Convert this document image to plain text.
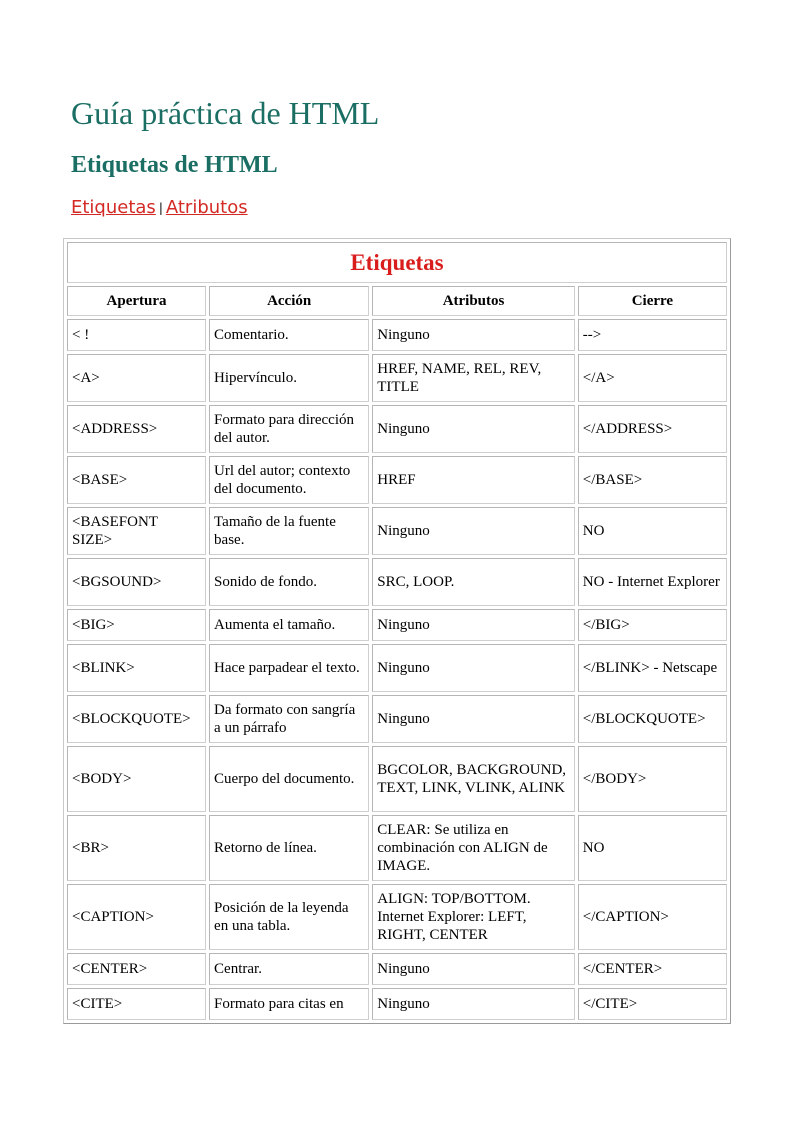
Guía práctica de HTML
Etiquetas de HTML
Etiquetas | Atributos
Etiquetas			
Apertura	Acción	Atributos	Cierre
< !	Comentario.	Ninguno	-->
<A>	Hipervínculo.	HREF, NAME, REL, REV, TITLE	</A>
<ADDRESS>	Formato para dirección del autor.	Ninguno	</ADDRESS>
<BASE>	Url del autor; contexto del documento.	HREF	</BASE>
<BASEFONT SIZE>	Tamaño de la fuente base.	Ninguno	NO
<BGSOUND>	Sonido de fondo.	SRC, LOOP.	NO - Internet Explorer
<BIG>	Aumenta el tamaño.	Ninguno	</BIG>
<BLINK>	Hace parpadear el texto.	Ninguno	</BLINK> - Netscape
<BLOCKQUOTE>	Da formato con sangría a un párrafo	Ninguno	</BLOCKQUOTE>
<BODY>	Cuerpo del documento.	BGCOLOR, BACKGROUND, TEXT, LINK, VLINK, ALINK	</BODY>
<BR>	Retorno de línea.	CLEAR: Se utiliza en combinación con ALIGN de IMAGE.	NO
<CAPTION>	Posición de la leyenda en una tabla.	ALIGN: TOP/BOTTOM. Internet Explorer: LEFT, RIGHT, CENTER	</CAPTION>
<CENTER>	Centrar.	Ninguno	</CENTER>
<CITE>	Formato para citas en	Ninguno	</CITE>
